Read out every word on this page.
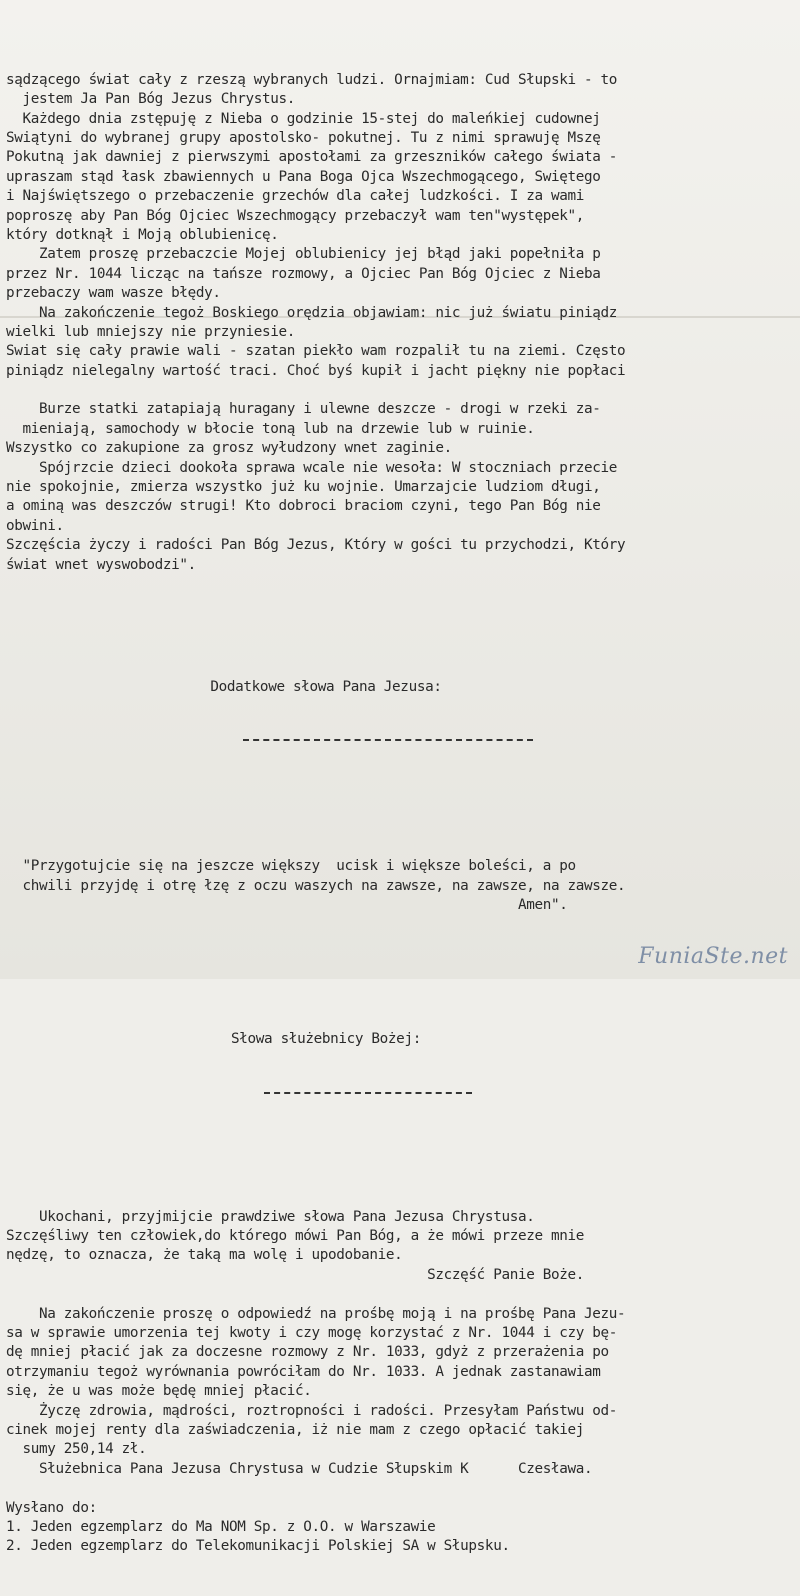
sądzącego świat cały z rzeszą wybranych ludzi. Ornajmiam: Cud Słupski - to
jestem Ja Pan Bóg Jezus Chrystus.
Każdego dnia zstępuję z Nieba o godzinie 15-stej do maleńkiej cudownej
Swiątyni do wybranej grupy apostolsko- pokutnej. Tu z nimi sprawuję Mszę
Pokutną jak dawniej z pierwszymi apostołami za grzeszników całego świata -
upraszam stąd łask zbawiennych u Pana Boga Ojca Wszechmogącego, Swiętego
i Najświętszego o przebaczenie grzechów dla całej ludzkości. I za wami
poproszę aby Pan Bóg Ojciec Wszechmogący przebaczył wam ten"występek",
który dotknął i Moją oblubienicę.
Zatem proszę przebaczcie Mojej oblubienicy jej błąd jaki popełniła p
przez Nr. 1044 licząc na tańsze rozmowy, a Ojciec Pan Bóg Ojciec z Nieba
przebaczy wam wasze błędy.
Na zakończenie tegoż Boskiego orędzia objawiam: nic już światu piniądz
wielki lub mniejszy nie przyniesie.
Swiat się cały prawie wali - szatan piekło wam rozpalił tu na ziemi. Często
piniądz nielegalny wartość traci. Choć byś kupił i jacht piękny nie popłaci
Burze statki zatapiają huragany i ulewne deszcze - drogi w rzeki za-
mieniają, samochody w błocie toną lub na drzewie lub w ruinie.
Wszystko co zakupione za grosz wyłudzony wnet zaginie.
Spójrzcie dzieci dookoła sprawa wcale nie wesoła: W stoczniach przecie
nie spokojnie, zmierza wszystko już ku wojnie. Umarzajcie ludziom długi,
a ominą was deszczów strugi! Kto dobroci braciom czyni, tego Pan Bóg nie
obwini.
Szczęścia życzy i radości Pan Bóg Jezus, Który w gości tu przychodzi, Który
świat wnet wyswobodzi".

Dodatkowe słowa Pana Jezusa:

"Przygotujcie się na jeszcze większy  ucisk i większe boleści, a po
chwili przyjdę i otrę łzę z oczu waszych na zawsze, na zawsze, na zawsze.
Amen".

Słowa służebnicy Bożej:

Ukochani, przyjmijcie prawdziwe słowa Pana Jezusa Chrystusa.
Szczęśliwy ten człowiek,do którego mówi Pan Bóg, a że mówi przeze mnie
nędzę, to oznacza, że taką ma wolę i upodobanie.
Szczęść Panie Boże.
Na zakończenie proszę o odpowiedź na prośbę moją i na prośbę Pana Jezu-
sa w sprawie umorzenia tej kwoty i czy mogę korzystać z Nr. 1044 i czy bę-
dę mniej płacić jak za doczesne rozmowy z Nr. 1033, gdyż z przerażenia po
otrzymaniu tegoż wyrównania powróciłam do Nr. 1033. A jednak zastanawiam
się, że u was może będę mniej płacić.
Życzę zdrowia, mądrości, roztropności i radości. Przesyłam Państwu od-
cinek mojej renty dla zaświadczenia, iż nie mam z czego opłacić takiej
sumy 250,14 zł.
Służebnica Pana Jezusa Chrystusa w Cudzie Słupskim K      Czesława.
Wysłano do:
1. Jeden egzemplarz do Ma NOM Sp. z O.O. w Warszawie
2. Jeden egzemplarz do Telekomunikacji Polskiej SA w Słupsku.

FuniaSte.net
